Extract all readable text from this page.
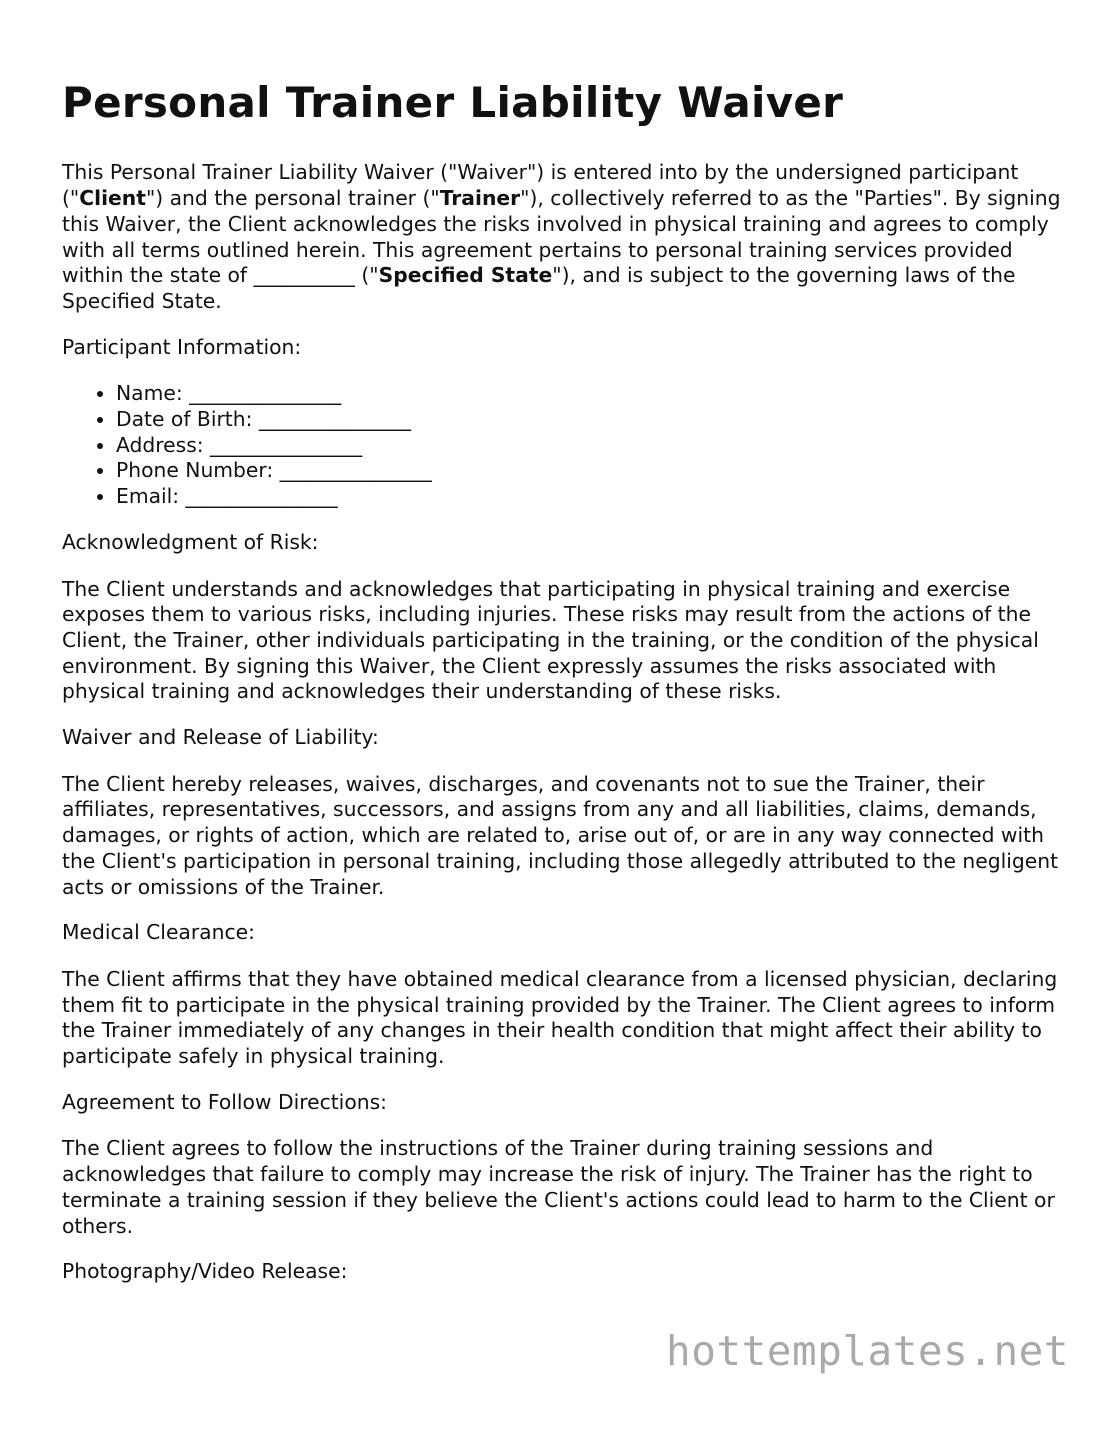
Personal Trainer Liability Waiver

This Personal Trainer Liability Waiver ("Waiver") is entered into by the undersigned participant ("Client") and the personal trainer ("Trainer"), collectively referred to as the "Parties". By signing this Waiver, the Client acknowledges the risks involved in physical training and agrees to comply with all terms outlined herein. This agreement pertains to personal training services provided within the state of __________ ("Specified State"), and is subject to the governing laws of the Specified State.

Participant Information:

• Name: _______________
• Date of Birth: _______________
• Address: _______________
• Phone Number: _______________
• Email: _______________

Acknowledgment of Risk:

The Client understands and acknowledges that participating in physical training and exercise exposes them to various risks, including injuries. These risks may result from the actions of the Client, the Trainer, other individuals participating in the training, or the condition of the physical environment. By signing this Waiver, the Client expressly assumes the risks associated with physical training and acknowledges their understanding of these risks.

Waiver and Release of Liability:

The Client hereby releases, waives, discharges, and covenants not to sue the Trainer, their affiliates, representatives, successors, and assigns from any and all liabilities, claims, demands, damages, or rights of action, which are related to, arise out of, or are in any way connected with the Client's participation in personal training, including those allegedly attributed to the negligent acts or omissions of the Trainer.

Medical Clearance:

The Client affirms that they have obtained medical clearance from a licensed physician, declaring them fit to participate in the physical training provided by the Trainer. The Client agrees to inform the Trainer immediately of any changes in their health condition that might affect their ability to participate safely in physical training.

Agreement to Follow Directions:

The Client agrees to follow the instructions of the Trainer during training sessions and acknowledges that failure to comply may increase the risk of injury. The Trainer has the right to terminate a training session if they believe the Client's actions could lead to harm to the Client or others.

Photography/Video Release:

hottemplates.net
